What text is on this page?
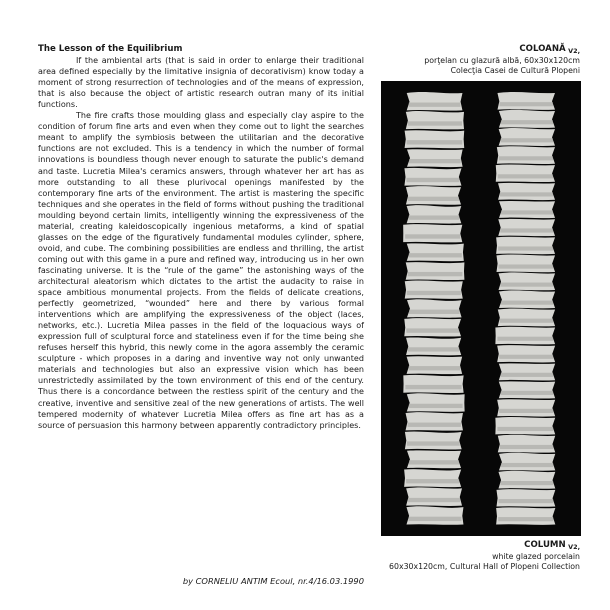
The Lesson of the Equilibrium

If the ambiental arts (that is said in order to enlarge their traditional area defined especially by the limitative insignia of decorativism) know today a moment of strong resurrection of technologies and of the means of expression, that is also because the object of artistic research outran many of its initial functions.

The fire crafts those moulding glass and especially clay aspire to the condition of forum fine arts and even when they come out to light the searches meant to amplify the symbiosis between the utilitarian and the decorative functions are not excluded. This is a tendency in which the number of formal innovations is boundless though never enough to saturate the public's demand and taste. Lucretia Milea's ceramics answers, through whatever her art has as more outstanding to all these plurivocal openings manifested by the contemporary fine arts of the environment. The artist is mastering the specific techniques and she operates in the field of forms without pushing the traditional moulding beyond certain limits, intelligently winning the expressiveness of the material, creating kaleidoscopically ingenious metaforms, a kind of spatial glasses on the edge of the figuratively fundamental modules cylinder, sphere, ovoid, and cube. The combining possibilities are endless and thrilling, the artist coming out with this game in a pure and refined way, introducing us in her own fascinating universe. It is the “rule of the game” the astonishing ways of the architectural aleatorism which dictates to the artist the audacity to raise in space ambitious monumental projects. From the fields of delicate creations, perfectly geometrized, “wounded” here and there by various formal interventions which are amplifying the expressiveness of the object (laces, networks, etc.). Lucretia Milea passes in the field of the loquacious ways of expression full of sculptural force and stateliness even if for the time being she refuses herself this hybrid, this newly come in the agora assembly the ceramic sculpture - which proposes in a daring and inventive way not only unwanted materials and technologies but also an expressive vision which has been unrestrictedly assimilated by the town environment of this end of the century. Thus there is a concordance between the restless spirit of the century and the creative, inventive and sensitive zeal of the new generations of artists. The well tempered modernity of whatever Lucretia Milea offers as fine art has as a source of persuasion this harmony between apparently contradictory principles.

by CORNELIU ANTIM Ecoul, nr.4/16.03.1990
COLOANĂ $_{V2,}$
porţelan cu glazură albă, 60x30x120cm
Colecţia Casei de Cultură Plopeni
COLUMN $_{V2,}$
white glazed porcelain
60x30x120cm, Cultural Hall of Plopeni Collection
